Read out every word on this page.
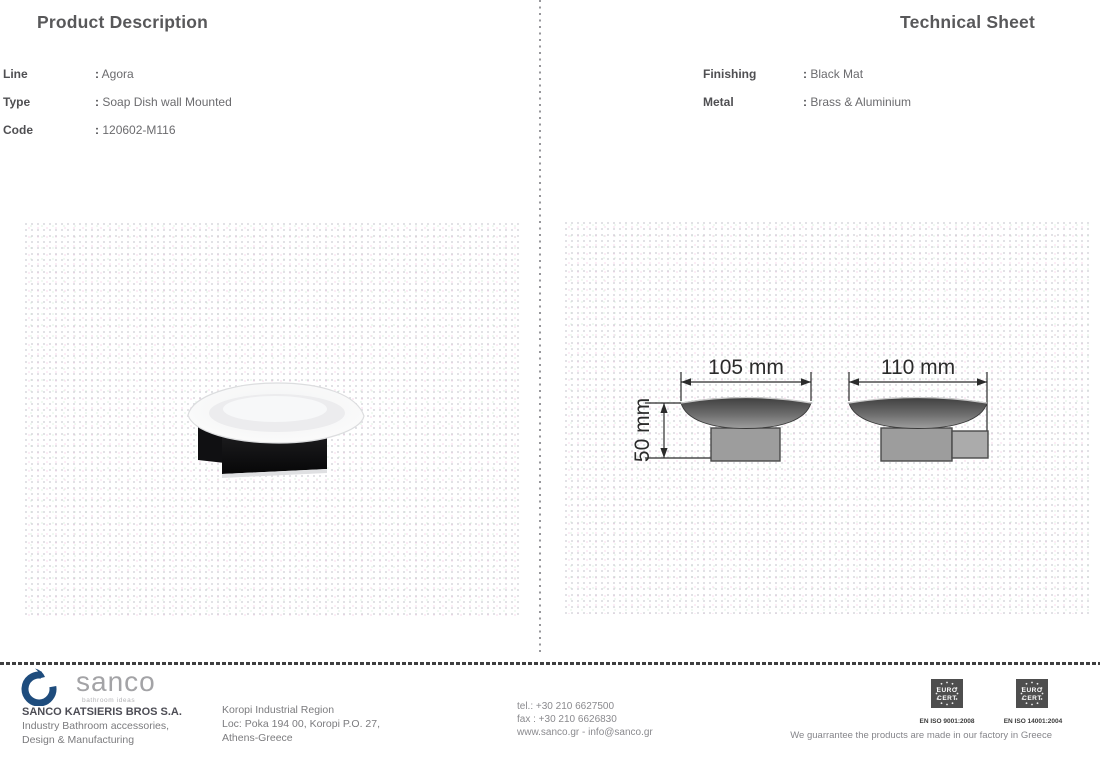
Product Description
Line	: Agora
Type	: Soap Dish wall Mounted
Code	: 120602-M116
Technical Sheet
Finishing	: Black Mat
Metal	: Brass & Aluminium
105 mm	110 mm
50 mm
sanco
bathroom ideas
SANCO KATSIERIS BROS S.A.
Industry Bathroom accessories,
Design & Manufacturing
Koropi Industrial Region
Loc: Poka 194 00, Koropi P.O. 27,
Athens-Greece
tel.: +30 210 6627500
fax : +30 210 6626830
www.sanco.gr - info@sanco.gr
EURO
CERT
EURO
CERT
EN ISO 9001:2008	EN ISO 14001:2004
We guarrantee the products are made in our factory in Greece
